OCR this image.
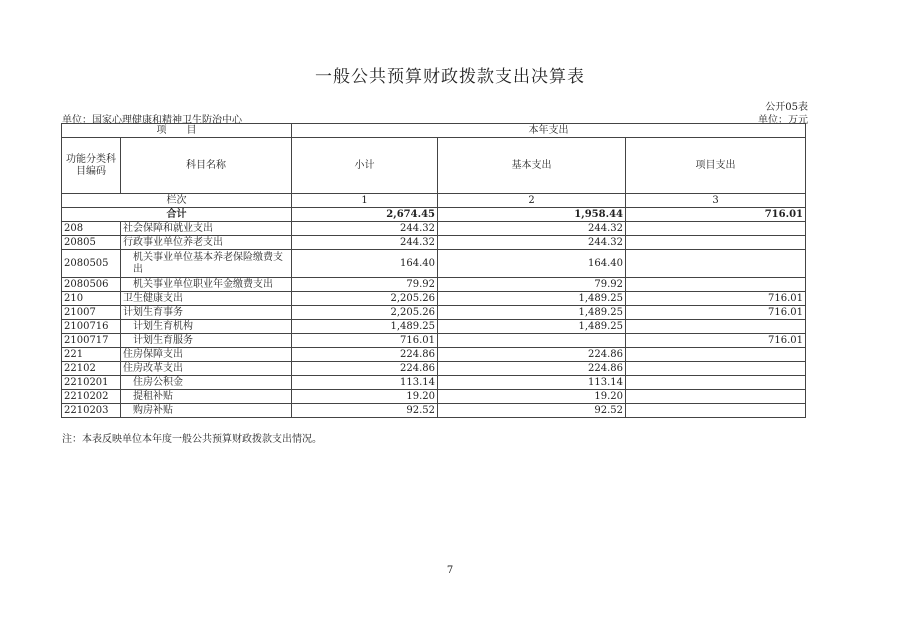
一般公共预算财政拨款支出决算表
公开05表
单位：国家心理健康和精神卫生防治中心	单位：万元
项　　目		本年支出		
功能分类科目编码	科目名称	小计	基本支出	项目支出
栏次		1	2	3
合计		2,674.45	1,958.44	716.01
208	社会保障和就业支出	244.32	244.32	
20805	行政事业单位养老支出	244.32	244.32	
2080505	机关事业单位基本养老保险缴费支出	164.40	164.40	
2080506	机关事业单位职业年金缴费支出	79.92	79.92	
210	卫生健康支出	2,205.26	1,489.25	716.01
21007	计划生育事务	2,205.26	1,489.25	716.01
2100716	计划生育机构	1,489.25	1,489.25	
2100717	计划生育服务	716.01		716.01
221	住房保障支出	224.86	224.86	
22102	住房改革支出	224.86	224.86	
2210201	住房公积金	113.14	113.14	
2210202	提租补贴	19.20	19.20	
2210203	购房补贴	92.52	92.52	
注：本表反映单位本年度一般公共预算财政拨款支出情况。
7
